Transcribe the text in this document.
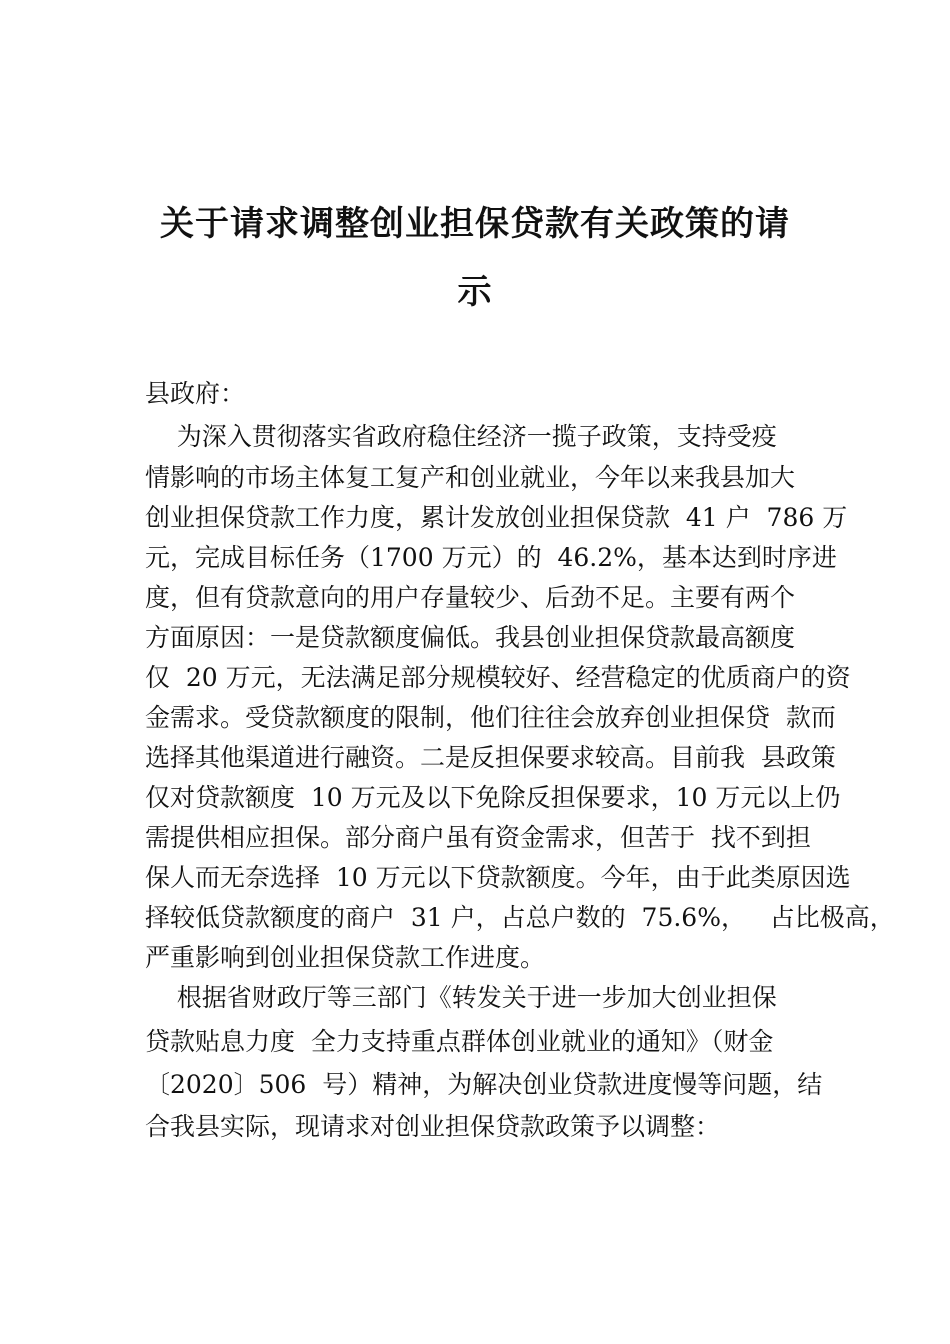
关于请求调整创业担保贷款有关政策的请
示
县政府：
为深入贯彻落实省政府稳住经济一揽子政策，支持受疫
情影响的市场主体复工复产和创业就业，今年以来我县加大
创业担保贷款工作力度，累计发放创业担保贷款  41 户  786 万
元，完成目标任务（1700 万元）的  46.2%，基本达到时序进
度，但有贷款意向的用户存量较少、后劲不足。主要有两个
方面原因：一是贷款额度偏低。我县创业担保贷款最高额度
仅  20 万元，无法满足部分规模较好、经营稳定的优质商户的资
金需求。受贷款额度的限制，他们往往会放弃创业担保贷  款而
选择其他渠道进行融资。二是反担保要求较高。目前我  县政策
仅对贷款额度  10 万元及以下免除反担保要求，10 万元以上仍
需提供相应担保。部分商户虽有资金需求，但苦于  找不到担
保人而无奈选择  10 万元以下贷款额度。今年，由于此类原因选
择较低贷款额度的商户  31 户，占总户数的  75.6%，   占比极高，
严重影响到创业担保贷款工作进度。
根据省财政厅等三部门《转发关于进一步加大创业担保
贷款贴息力度  全力支持重点群体创业就业的通知》（财金
〔2020〕506  号）精神，为解决创业贷款进度慢等问题，结
合我县实际，现请求对创业担保贷款政策予以调整：
